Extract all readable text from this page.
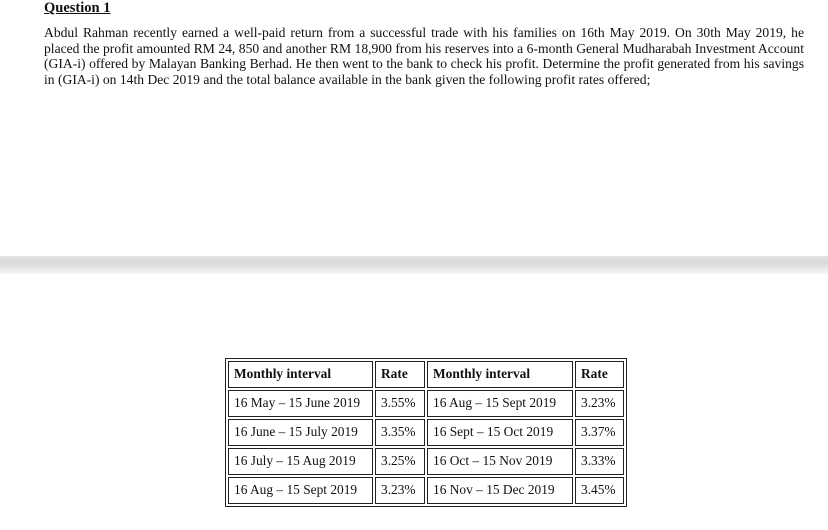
Question 1
Abdul Rahman recently earned a well-paid return from a successful trade with his families on 16th May 2019. On 30th May 2019, he placed the profit amounted RM 24, 850 and another RM 18,900 from his reserves into a 6-month General Mudharabah Investment Account (GIA-i) offered by Malayan Banking Berhad. He then went to the bank to check his profit. Determine the profit generated from his savings in (GIA-i) on 14th Dec 2019 and the total balance available in the bank given the following profit rates offered;
Monthly interval	Rate	Monthly interval	Rate
16 May – 15 June 2019	3.55%	16 Aug – 15 Sept 2019	3.23%
16 June – 15 July 2019	3.35%	16 Sept – 15 Oct 2019	3.37%
16 July – 15 Aug 2019	3.25%	16 Oct – 15 Nov 2019	3.33%
16 Aug – 15 Sept 2019	3.23%	16 Nov – 15 Dec 2019	3.45%
